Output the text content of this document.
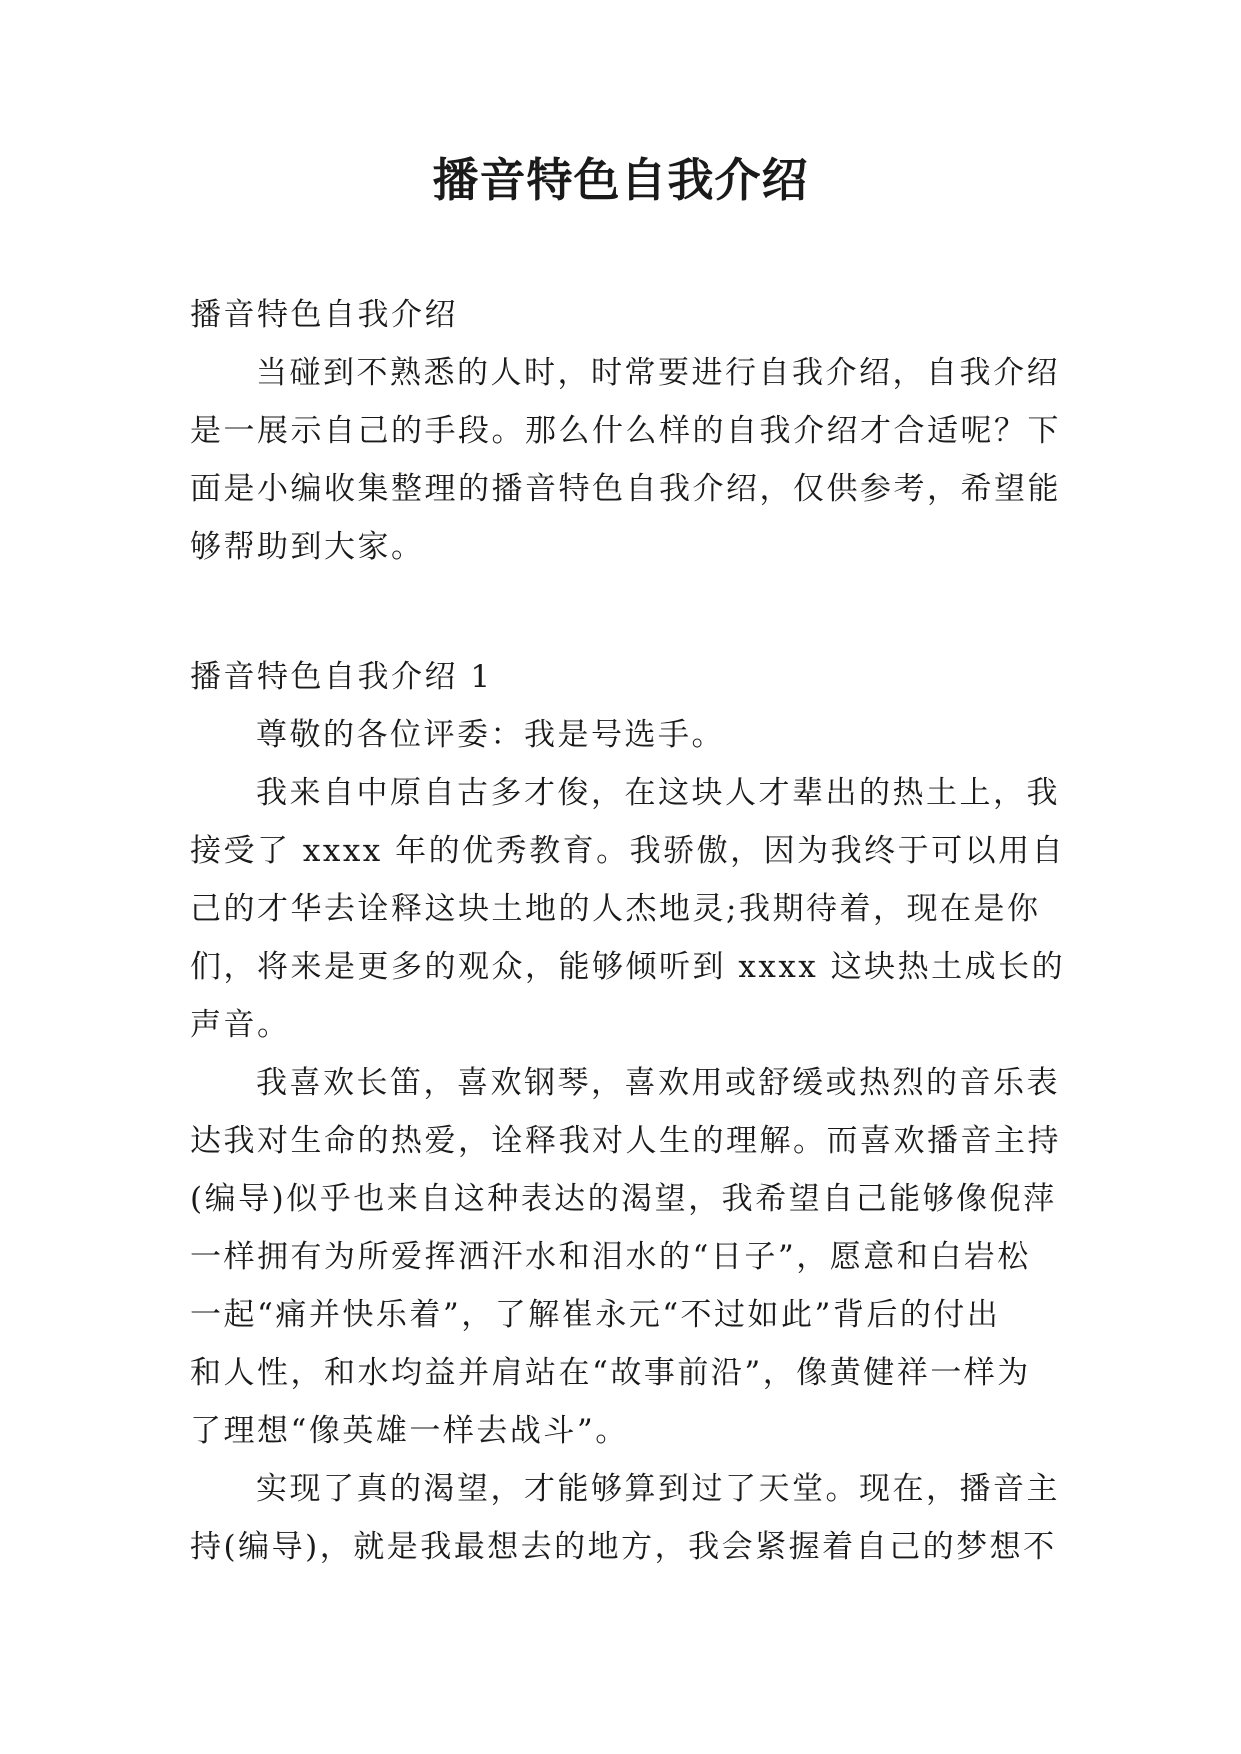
播音特色自我介绍
播音特色自我介绍
当碰到不熟悉的人时，时常要进行自我介绍，自我介绍
是一展示自己的手段。那么什么样的自我介绍才合适呢？下
面是小编收集整理的播音特色自我介绍，仅供参考，希望能
够帮助到大家。
播音特色自我介绍 1
尊敬的各位评委：我是号选手。
我来自中原自古多才俊，在这块人才辈出的热土上，我
接受了 xxxx 年的优秀教育。我骄傲，因为我终于可以用自
己的才华去诠释这块土地的人杰地灵;我期待着，现在是你
们，将来是更多的观众，能够倾听到 xxxx 这块热土成长的
声音。
我喜欢长笛，喜欢钢琴，喜欢用或舒缓或热烈的音乐表
达我对生命的热爱，诠释我对人生的理解。而喜欢播音主持
(编导)似乎也来自这种表达的渴望，我希望自己能够像倪萍
一样拥有为所爱挥洒汗水和泪水的“日子”，愿意和白岩松
一起“痛并快乐着”，了解崔永元“不过如此”背后的付出
和人性，和水均益并肩站在“故事前沿”，像黄健祥一样为
了理想“像英雄一样去战斗”。
实现了真的渴望，才能够算到过了天堂。现在，播音主
持(编导)，就是我最想去的地方，我会紧握着自己的梦想不
